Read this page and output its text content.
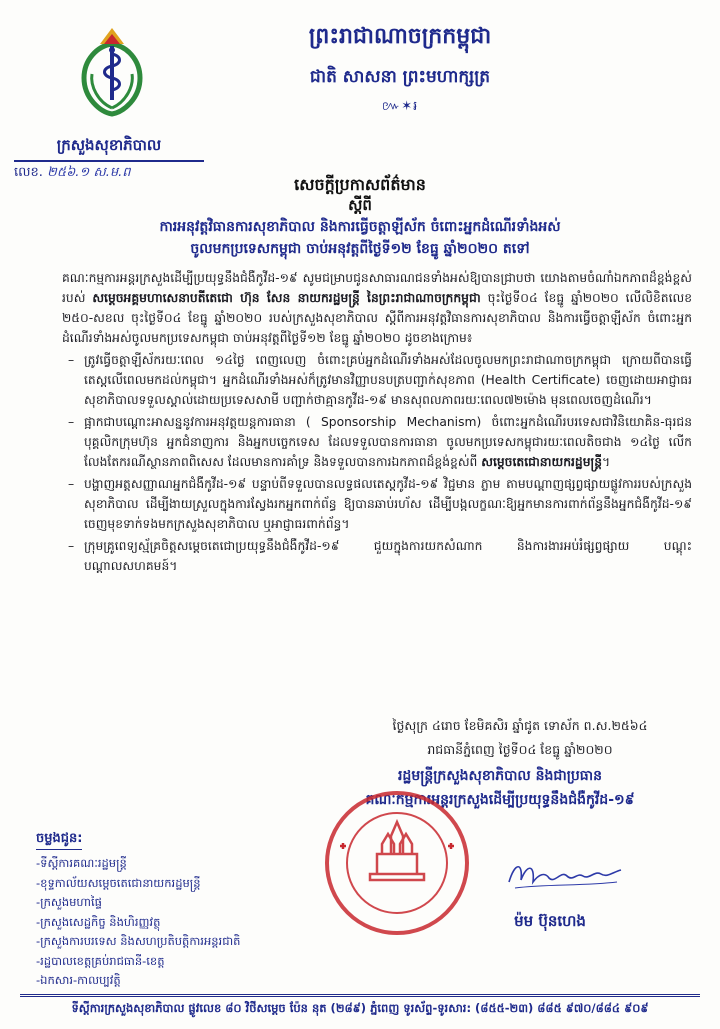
ព្រះរាជាណាចក្រកម្ពុជា
ជាតិ សាសនា ព្រះមហាក្សត្រ
៚✶៛
ក្រសួងសុខាភិបាល
លេខ. ២៥៦.១ ស.ម.ព
សេចក្ដីប្រកាសព័ត៌មាន
ស្ដីពី
ការអនុវត្តវិធានការសុខាភិបាល និងការធ្វើចត្តាឡីស័ក ចំពោះអ្នកដំណើរទាំងអស់
ចូលមកប្រទេសកម្ពុជា ចាប់អនុវត្តពីថ្ងៃទី១២ ខែធ្នូ ឆ្នាំ២០២០ តទៅ

គណៈកម្មការអន្តរក្រសួងដើម្បីប្រយុទ្ធនឹងជំងឺកូវីដ-១៩ សូមជម្រាបជូនសាធារណជនទាំងអស់ឱ្យបានជ្រាបថា យោងតាមចំណាំឯកភាពដ៏ខ្ពង់ខ្ពស់របស់ សម្ដេចអគ្គមហាសេនាបតីតេជោ ហ៊ុន សែន នាយករដ្ឋមន្ត្រី នៃព្រះរាជាណាចក្រកម្ពុជា ចុះថ្ងៃទី០៤ ខែធ្នូ ឆ្នាំ២០២០ លើលិខិតលេខ ២៥០-សខល ចុះថ្ងៃទី០៤ ខែធ្នូ ឆ្នាំ២០២០ របស់ក្រសួងសុខាភិបាល ស្ដីពីការអនុវត្តវិធានការសុខាភិបាល និងការធ្វើចត្តាឡីស័ក ចំពោះអ្នកដំណើរទាំងអស់ចូលមកប្រទេសកម្ពុជា ចាប់អនុវត្តពីថ្ងៃទី១២ ខែធ្នូ ឆ្នាំ២០២០ ដូចខាងក្រោម៖

– ត្រូវធ្វើចត្តាឡីស័ករយៈពេល ១៤ថ្ងៃ ពេញលេញ ចំពោះគ្រប់អ្នកដំណើរទាំងអស់ដែលចូលមកព្រះរាជាណាចក្រកម្ពុជា ក្រោយពីបានធ្វើតេស្តលើពេលមកដល់កម្ពុជា។ អ្នកដំណើរទាំងអស់ក៏ត្រូវមានវិញ្ញាបនបត្របញ្ជាក់សុខភាព (Health Certificate) ចេញដោយអាជ្ញាធរសុខាភិបាលទទួលស្គាល់ដោយប្រទេសសាមី បញ្ជាក់ថាគ្មានកូវីដ-១៩ មានសុពលភាពរយៈពេល៧២ម៉ោង មុនពេលចេញដំណើរ។
– ផ្អាកជាបណ្ដោះអាសន្ននូវការអនុវត្តយន្តការធានា ( Sponsorship Mechanism) ចំពោះអ្នកដំណើរបរទេសជាវិនិយោគិន-ធុរជន បុគ្គលិកក្រុមហ៊ុន អ្នកជំនាញការ និងអ្នកបច្ចេកទេស ដែលទទួលបានការធានា ចូលមកប្រទេសកម្ពុជារយៈពេលតិចជាង ១៤ថ្ងៃ លើកលែងតែករណីស្ថានភាពពិសេស ដែលមានការគាំទ្រ និងទទួលបានការឯកភាពដ៏ខ្ពង់ខ្ពស់ពី សម្ដេចតេជោនាយករដ្ឋមន្ត្រី។
– បង្ហាញអត្តសញ្ញាណអ្នកជំងឺកូវីដ-១៩ បន្ទាប់ពីទទួលបានលទ្ធផលតេស្តកូវីដ-១៩ វិជ្ជមាន ភ្លាម តាមបណ្ដាញផ្សព្វផ្សាយផ្លូវការរបស់ក្រសួងសុខាភិបាល ដើម្បីងាយស្រួលក្នុងការស្វែងរកអ្នកពាក់ព័ន្ធ ឱ្យបានឆាប់រហ័ស ដើម្បីបង្កលក្ខណៈឱ្យអ្នកមានការពាក់ព័ន្ធនឹងអ្នកជំងឺកូវីដ-១៩ ចេញមុខទាក់ទងមកក្រសួងសុខាភិបាល ឬអាជ្ញាធរពាក់ព័ន្ធ។
– ក្រុមគ្រូពេទ្យស្ម័គ្រចិត្តសម្ដេចតេជោប្រយុទ្ធនឹងជំងឺកូវីដ-១៩ ជួយក្នុងការយកសំណាក និងការងារអប់រំផ្សព្វផ្សាយ បណ្ដុះបណ្ដាលសហគមន៍។
ថ្ងៃសុក្រ ៤រោច ខែមិគសិរ ឆ្នាំជូត ទោស័ក ព.ស.២៥៦៤
រាជធានីភ្នំពេញ ថ្ងៃទី០៤ ខែធ្នូ ឆ្នាំ២០២០
រដ្ឋមន្ត្រីក្រសួងសុខាភិបាល និងជាប្រធាន
គណៈកម្មការអន្តរក្រសួងដើម្បីប្រយុទ្ធនឹងជំងឺកូវីដ-១៩
ម៉ម ប៊ុនហេង
ចម្លងជូន:
-ទីស្ដីការគណៈរដ្ឋមន្ត្រី
-ខុទ្ទកាល័យសម្ដេចតេជោនាយករដ្ឋមន្ត្រី
-ក្រសួងមហាផ្ទៃ
-ក្រសួងសេដ្ឋកិច្ច និងហិរញ្ញវត្ថុ
-ក្រសួងការបរទេស និងសហប្រតិបត្តិការអន្តរជាតិ
-រដ្ឋបាលខេត្តគ្រប់រាជធានី-ខេត្ត
-ឯកសារ-កាលប្បវត្តិ
ទីស្ដីការក្រសួងសុខាភិបាល ផ្លូវលេខ ៨០ វិថីសម្ដេច ប៉ែន នុត (២៨៩) ភ្នំពេញ ទូរស័ព្ទ-ទូរសារ: (៨៥៥-២៣) ៨៨៥ ៩៧០/៨៨៤ ៩០៩
